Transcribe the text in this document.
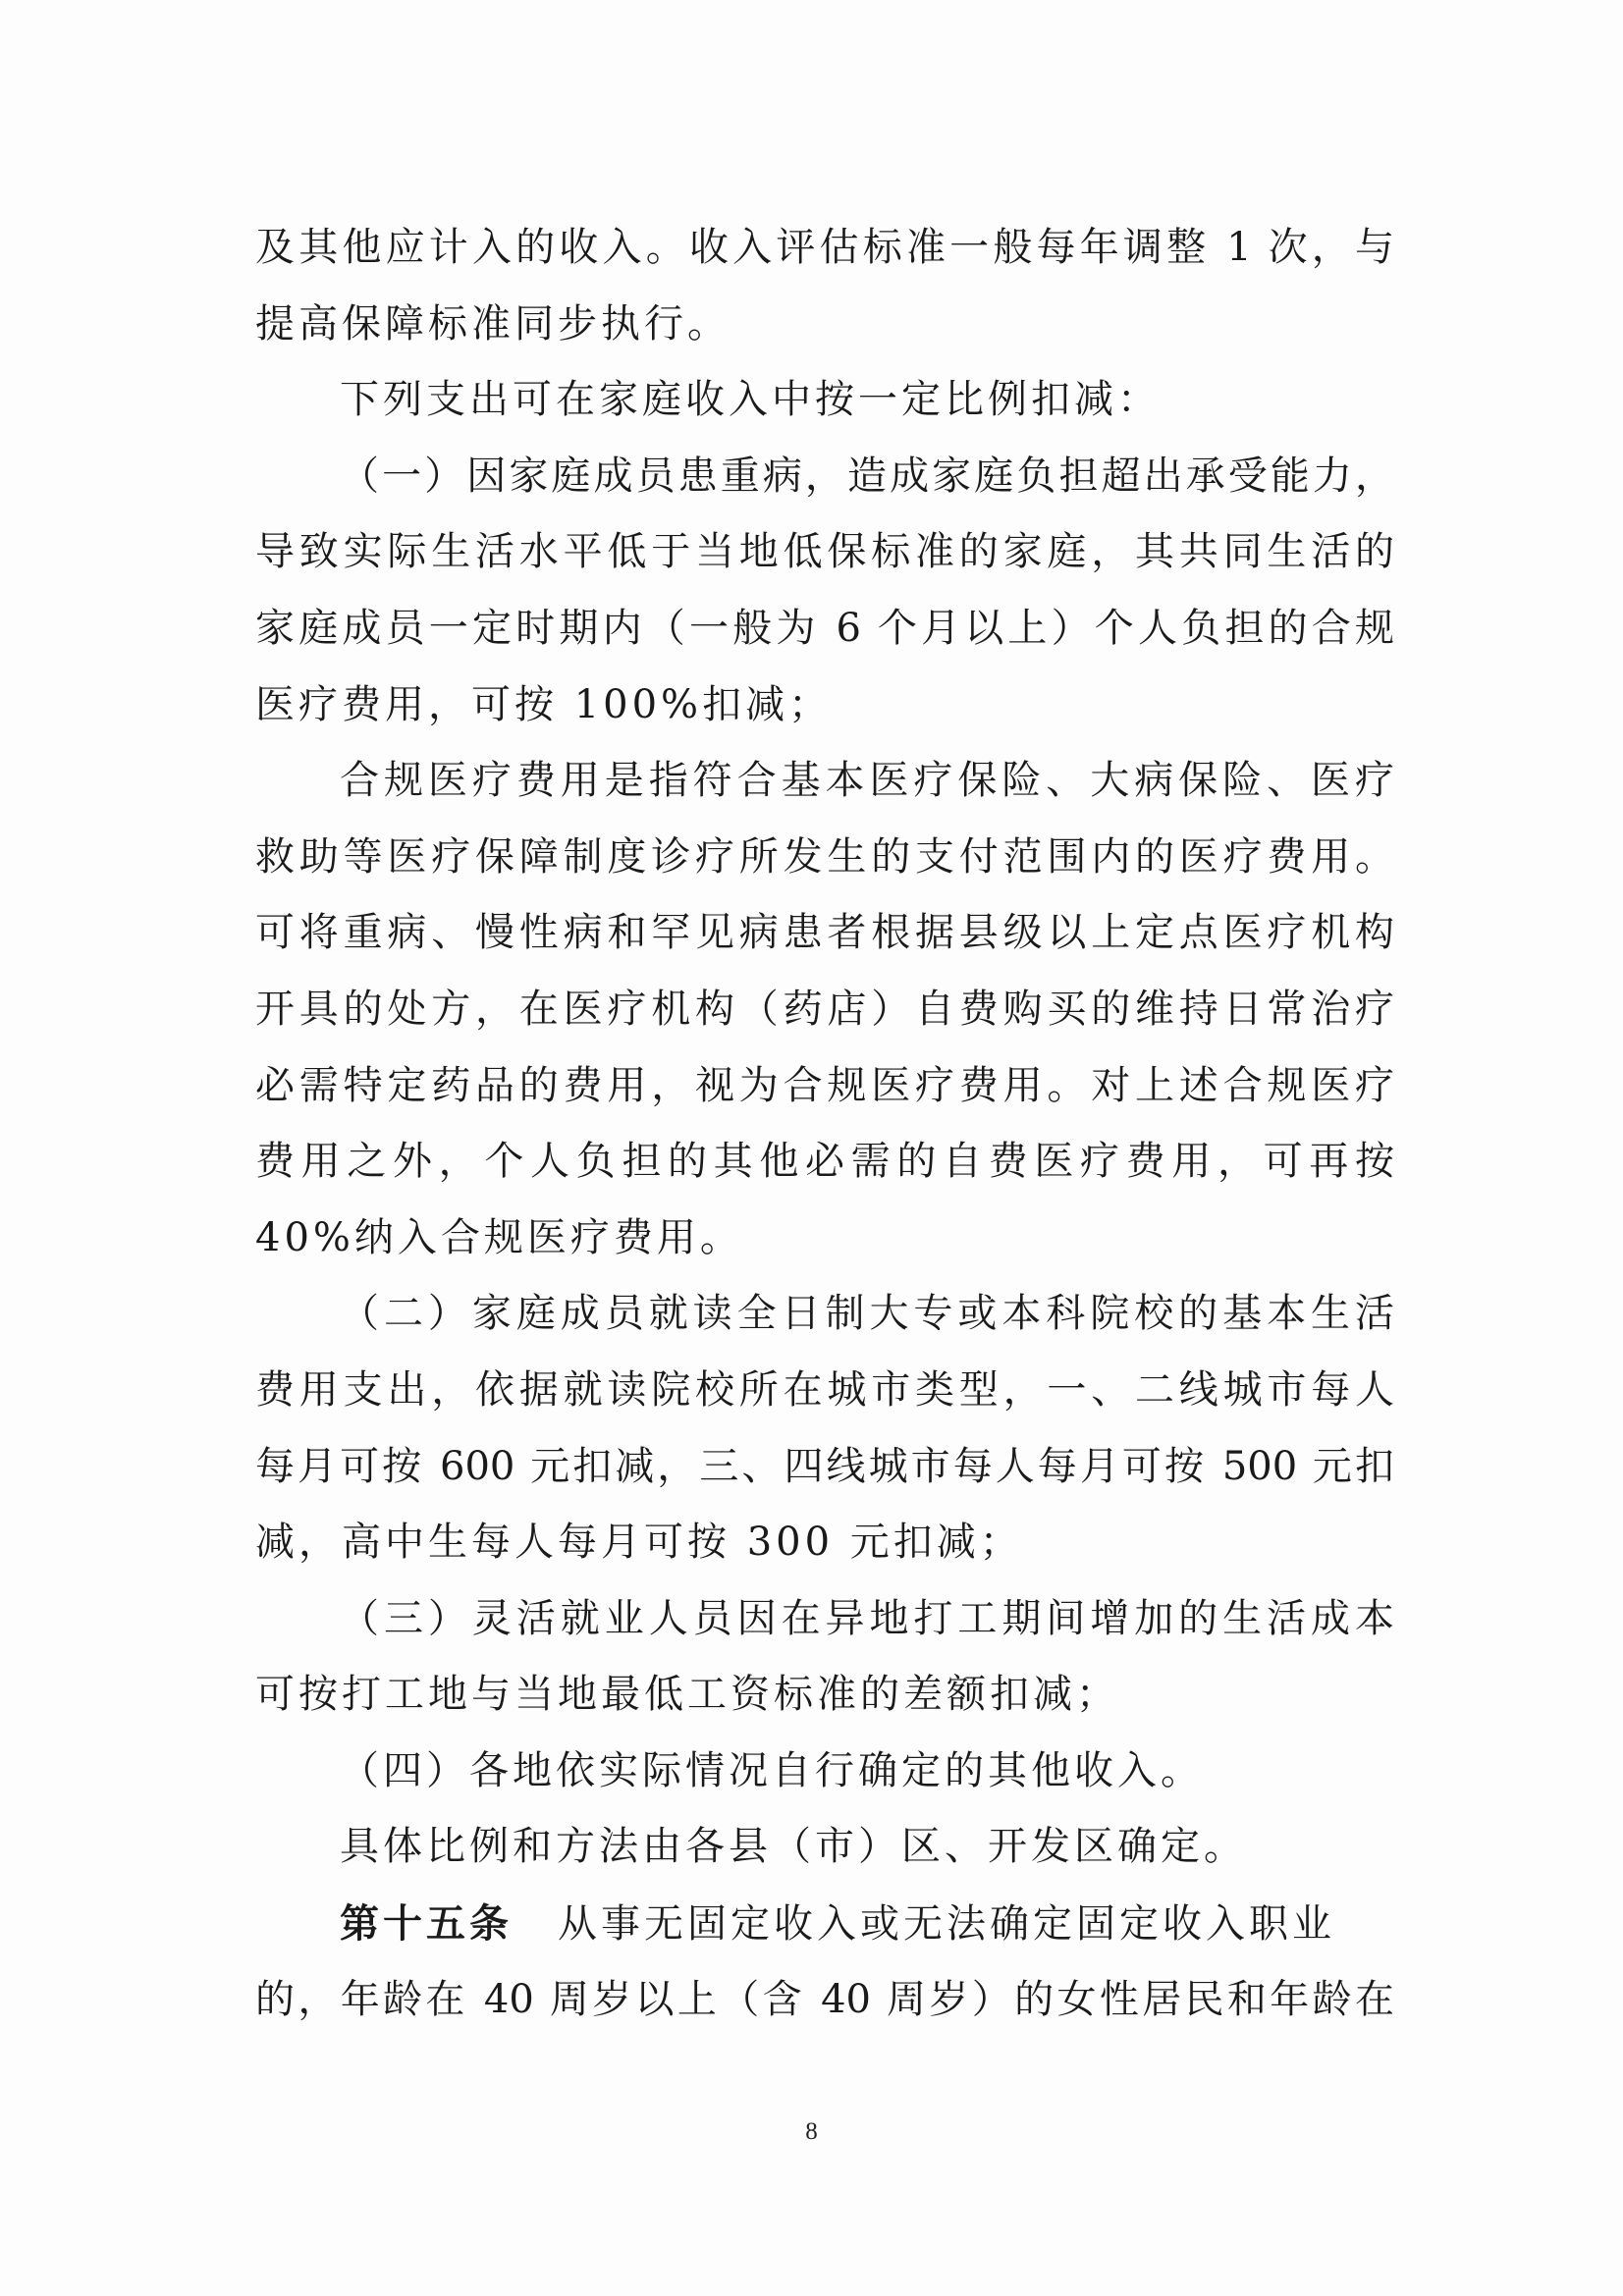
及其他应计入的收入。收入评估标准一般每年调整 1 次，与
提高保障标准同步执行。
下列支出可在家庭收入中按一定比例扣减：
（一）因家庭成员患重病，造成家庭负担超出承受能力，
导致实际生活水平低于当地低保标准的家庭，其共同生活的
家庭成员一定时期内（一般为 6 个月以上）个人负担的合规
医疗费用，可按 100%扣减；
合规医疗费用是指符合基本医疗保险、大病保险、医疗
救助等医疗保障制度诊疗所发生的支付范围内的医疗费用。
可将重病、慢性病和罕见病患者根据县级以上定点医疗机构
开具的处方，在医疗机构（药店）自费购买的维持日常治疗
必需特定药品的费用，视为合规医疗费用。对上述合规医疗
费用之外，个人负担的其他必需的自费医疗费用，可再按
40%纳入合规医疗费用。
（二）家庭成员就读全日制大专或本科院校的基本生活
费用支出，依据就读院校所在城市类型，一、二线城市每人
每月可按 600 元扣减，三、四线城市每人每月可按 500 元扣
减，高中生每人每月可按 300 元扣减；
（三）灵活就业人员因在异地打工期间增加的生活成本
可按打工地与当地最低工资标准的差额扣减；
（四）各地依实际情况自行确定的其他收入。
具体比例和方法由各县（市）区、开发区确定。
第十五条 从事无固定收入或无法确定固定收入职业
的，年龄在 40 周岁以上（含 40 周岁）的女性居民和年龄在
8
